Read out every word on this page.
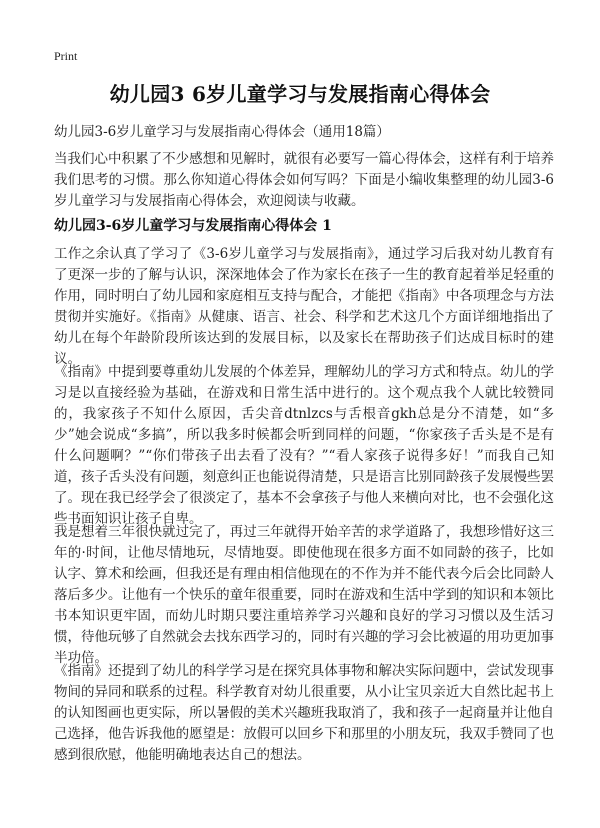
Print
幼儿园3 6岁儿童学习与发展指南心得体会
幼儿园3-6岁儿童学习与发展指南心得体会（通用18篇）

当我们心中积累了不少感想和见解时，就很有必要写一篇心得体会，这样有利于培养我们思考的习惯。那么你知道心得体会如何写吗？下面是小编收集整理的幼儿园3-6岁儿童学习与发展指南心得体会，欢迎阅读与收藏。

幼儿园3-6岁儿童学习与发展指南心得体会 1

工作之余认真了学习了《3-6岁儿童学习与发展指南》，通过学习后我对幼儿教育有了更深一步的了解与认识，深深地体会了作为家长在孩子一生的教育起着举足轻重的作用，同时明白了幼儿园和家庭相互支持与配合，才能把《指南》中各项理念与方法贯彻并实施好。《指南》从健康、语言、社会、科学和艺术这几个方面详细地指出了幼儿在每个年龄阶段所该达到的发展目标，以及家长在帮助孩子们达成目标时的建议。

《指南》中提到要尊重幼儿发展的个体差异，理解幼儿的学习方式和特点。幼儿的学习是以直接经验为基础，在游戏和日常生活中进行的。这个观点我个人就比较赞同的，我家孩子不知什么原因，舌尖音dtnlzcs与舌根音gkh总是分不清楚，如“多少”她会说成“多搞”，所以我多时候都会听到同样的问题，“你家孩子舌头是不是有什么问题啊？”“你们带孩子出去看了没有？”“看人家孩子说得多好！”而我自己知道，孩子舌头没有问题，刻意纠正也能说得清楚，只是语言比别同龄孩子发展慢些罢了。现在我已经学会了很淡定了，基本不会拿孩子与他人来横向对比，也不会强化这些书面知识让孩子自卑。

我是想着三年很快就过完了，再过三年就得开始辛苦的求学道路了，我想珍惜好这三年的·时间，让他尽情地玩，尽情地耍。即使他现在很多方面不如同龄的孩子，比如认字、算术和绘画，但我还是有理由相信他现在的不作为并不能代表今后会比同龄人落后多少。让他有一个快乐的童年很重要，同时在游戏和生活中学到的知识和本领比书本知识更牢固，而幼儿时期只要注重培养学习兴趣和良好的学习习惯以及生活习惯，待他玩够了自然就会去找东西学习的，同时有兴趣的学习会比被逼的用功更加事半功倍。

《指南》还提到了幼儿的科学学习是在探究具体事物和解决实际问题中，尝试发现事物间的异同和联系的过程。科学教育对幼儿很重要，从小让宝贝亲近大自然比起书上的认知图画也更实际，所以暑假的美术兴趣班我取消了，我和孩子一起商量并让他自己选择，他告诉我他的愿望是：放假可以回乡下和那里的小朋友玩，我双手赞同了也感到很欣慰，他能明确地表达自己的想法。
